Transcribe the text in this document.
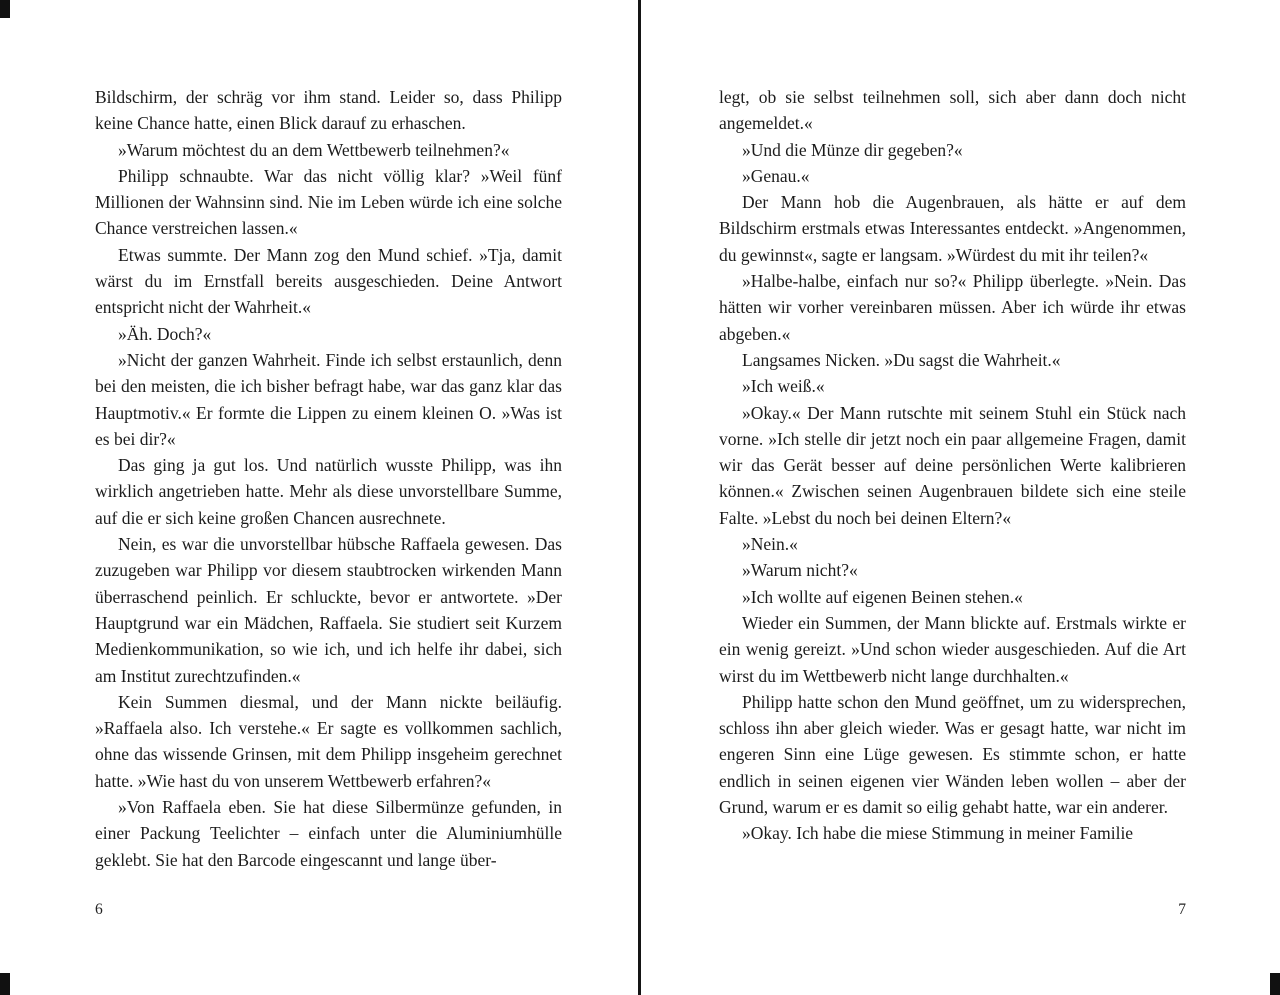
Bildschirm, der schräg vor ihm stand. Leider so, dass Philipp keine Chance hatte, einen Blick darauf zu erhaschen.

»Warum möchtest du an dem Wettbewerb teilnehmen?«

Philipp schnaubte. War das nicht völlig klar? »Weil fünf Millionen der Wahnsinn sind. Nie im Leben würde ich eine solche Chance verstreichen lassen.«

Etwas summte. Der Mann zog den Mund schief. »Tja, damit wärst du im Ernstfall bereits ausgeschieden. Deine Antwort entspricht nicht der Wahrheit.«

»Äh. Doch?«

»Nicht der ganzen Wahrheit. Finde ich selbst erstaunlich, denn bei den meisten, die ich bisher befragt habe, war das ganz klar das Hauptmotiv.« Er formte die Lippen zu einem kleinen O. »Was ist es bei dir?«

Das ging ja gut los. Und natürlich wusste Philipp, was ihn wirklich angetrieben hatte. Mehr als diese unvorstellbare Summe, auf die er sich keine großen Chancen ausrechnete.

Nein, es war die unvorstellbar hübsche Raffaela gewesen. Das zuzugeben war Philipp vor diesem staubtrocken wirkenden Mann überraschend peinlich. Er schluckte, bevor er antwortete. »Der Hauptgrund war ein Mädchen, Raffaela. Sie studiert seit Kurzem Medienkommunikation, so wie ich, und ich helfe ihr dabei, sich am Institut zurechtzufinden.«

Kein Summen diesmal, und der Mann nickte beiläufig. »Raffaela also. Ich verstehe.« Er sagte es vollkommen sachlich, ohne das wissende Grinsen, mit dem Philipp insgeheim gerechnet hatte. »Wie hast du von unserem Wettbewerb erfahren?«

»Von Raffaela eben. Sie hat diese Silbermünze gefunden, in einer Packung Teelichter – einfach unter die Aluminiumhülle geklebt. Sie hat den Barcode eingescannt und lange über-

6

legt, ob sie selbst teilnehmen soll, sich aber dann doch nicht angemeldet.«

»Und die Münze dir gegeben?«

»Genau.«

Der Mann hob die Augenbrauen, als hätte er auf dem Bildschirm erstmals etwas Interessantes entdeckt. »Angenommen, du gewinnst«, sagte er langsam. »Würdest du mit ihr teilen?«

»Halbe-halbe, einfach nur so?« Philipp überlegte. »Nein. Das hätten wir vorher vereinbaren müssen. Aber ich würde ihr etwas abgeben.«

Langsames Nicken. »Du sagst die Wahrheit.«

»Ich weiß.«

»Okay.« Der Mann rutschte mit seinem Stuhl ein Stück nach vorne. »Ich stelle dir jetzt noch ein paar allgemeine Fragen, damit wir das Gerät besser auf deine persönlichen Werte kalibrieren können.« Zwischen seinen Augenbrauen bildete sich eine steile Falte. »Lebst du noch bei deinen Eltern?«

»Nein.«

»Warum nicht?«

»Ich wollte auf eigenen Beinen stehen.«

Wieder ein Summen, der Mann blickte auf. Erstmals wirkte er ein wenig gereizt. »Und schon wieder ausgeschieden. Auf die Art wirst du im Wettbewerb nicht lange durchhalten.«

Philipp hatte schon den Mund geöffnet, um zu widersprechen, schloss ihn aber gleich wieder. Was er gesagt hatte, war nicht im engeren Sinn eine Lüge gewesen. Es stimmte schon, er hatte endlich in seinen eigenen vier Wänden leben wollen – aber der Grund, warum er es damit so eilig gehabt hatte, war ein anderer.

»Okay. Ich habe die miese Stimmung in meiner Familie

7
